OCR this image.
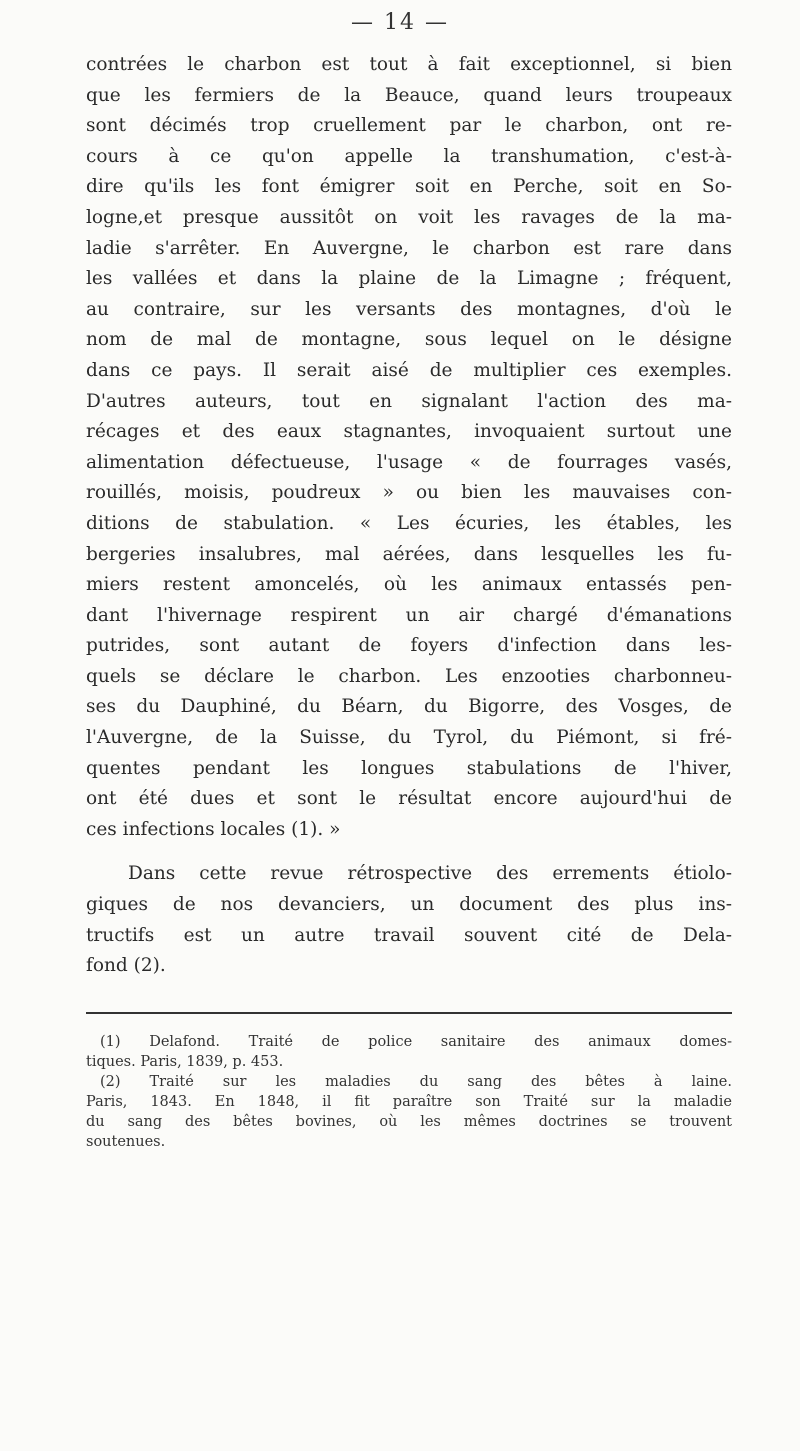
— 14 —
contrées le charbon est tout à fait exceptionnel, si bien
que les fermiers de la Beauce, quand leurs troupeaux
sont décimés trop cruellement par le charbon, ont re-
cours à ce qu'on appelle la transhumation, c'est-à-
dire qu'ils les font émigrer soit en Perche, soit en So-
logne,et presque aussitôt on voit les ravages de la ma-
ladie s'arrêter. En Auvergne, le charbon est rare dans
les vallées et dans la plaine de la Limagne ; fréquent,
au contraire, sur les versants des montagnes, d'où le
nom de mal de montagne, sous lequel on le désigne
dans ce pays. Il serait aisé de multiplier ces exemples.
D'autres auteurs, tout en signalant l'action des ma-
récages et des eaux stagnantes, invoquaient surtout une
alimentation défectueuse, l'usage « de fourrages vasés,
rouillés, moisis, poudreux » ou bien les mauvaises con-
ditions de stabulation. « Les écuries, les étables, les
bergeries insalubres, mal aérées, dans lesquelles les fu-
miers restent amoncelés, où les animaux entassés pen-
dant l'hivernage respirent un air chargé d'émanations
putrides, sont autant de foyers d'infection dans les-
quels se déclare le charbon. Les enzooties charbonneu-
ses du Dauphiné, du Béarn, du Bigorre, des Vosges, de
l'Auvergne, de la Suisse, du Tyrol, du Piémont, si fré-
quentes pendant les longues stabulations de l'hiver,
ont été dues et sont le résultat encore aujourd'hui de
ces infections locales (1). »
Dans cette revue rétrospective des errements étiolo-
giques de nos devanciers, un document des plus ins-
tructifs est un autre travail souvent cité de Dela-
fond (2).
(1) Delafond. Traité de police sanitaire des animaux domes-
tiques. Paris, 1839, p. 453.
(2) Traité sur les maladies du sang des bêtes à laine.
Paris, 1843. En 1848, il fit paraître son Traité sur la maladie
du sang des bêtes bovines, où les mêmes doctrines se trouvent
soutenues.
